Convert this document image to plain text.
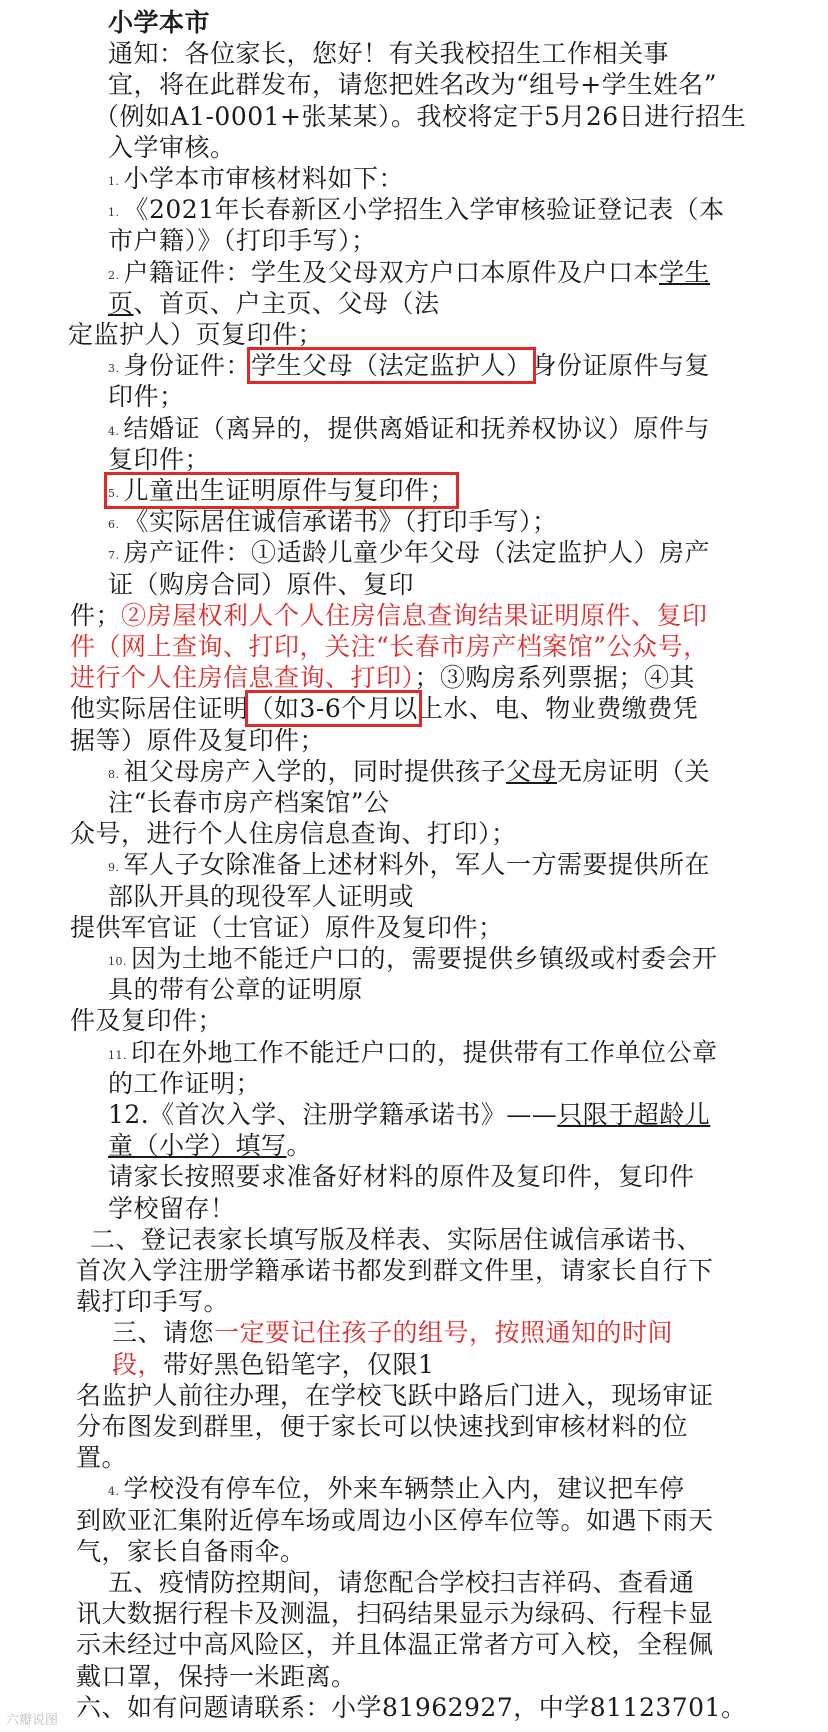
小学本市
通知：各位家长，您好！有关我校招生工作相关事
宜，将在此群发布，请您把姓名改为“组号+学生姓名”
（例如A1-0001+张某某）。我校将定于5月26日进行招生
入学审核。
1. 小学本市审核材料如下：
1. 《2021年长春新区小学招生入学审核验证登记表（本
市户籍）》（打印手写）；
2. 户籍证件：学生及父母双方户口本原件及户口本学生
页、首页、户主页、父母（法
定监护人）页复印件；
3. 身份证件：学生父母（法定监护人）身份证原件与复
印件；
4. 结婚证（离异的，提供离婚证和抚养权协议）原件与
复印件；
5. 儿童出生证明原件与复印件；
6. 《实际居住诚信承诺书》（打印手写）；
7. 房产证件：①适龄儿童少年父母（法定监护人）房产
证（购房合同）原件、复印
件；②房屋权利人个人住房信息查询结果证明原件、复印
件（网上查询、打印，关注“长春市房产档案馆”公众号，
进行个人住房信息查询、打印）；③购房系列票据；④其
他实际居住证明（如3-6个月以上水、电、物业费缴费凭
据等）原件及复印件；
8. 祖父母房产入学的，同时提供孩子父母无房证明（关
注“长春市房产档案馆”公
众号，进行个人住房信息查询、打印）；
9. 军人子女除准备上述材料外，军人一方需要提供所在
部队开具的现役军人证明或
提供军官证（士官证）原件及复印件；
10. 因为土地不能迁户口的，需要提供乡镇级或村委会开
具的带有公章的证明原
件及复印件；
11. 印在外地工作不能迁户口的，提供带有工作单位公章
的工作证明；
12.《首次入学、注册学籍承诺书》——只限于超龄儿
童（小学）填写。
请家长按照要求准备好材料的原件及复印件，复印件
学校留存！
二、登记表家长填写版及样表、实际居住诚信承诺书、
首次入学注册学籍承诺书都发到群文件里，请家长自行下
载打印手写。
三、请您一定要记住孩子的组号，按照通知的时间
段，带好黑色铅笔字，仅限1
名监护人前往办理，在学校飞跃中路后门进入，现场审证
分布图发到群里，便于家长可以快速找到审核材料的位
置。
4. 学校没有停车位，外来车辆禁止入内，建议把车停
到欧亚汇集附近停车场或周边小区停车位等。如遇下雨天
气，家长自备雨伞。
五、疫情防控期间，请您配合学校扫吉祥码、查看通
讯大数据行程卡及测温，扫码结果显示为绿码、行程卡显
示未经过中高风险区，并且体温正常者方可入校，全程佩
戴口罩，保持一米距离。
六、如有问题请联系：小学81962927，中学81123701。
六瓣说图
